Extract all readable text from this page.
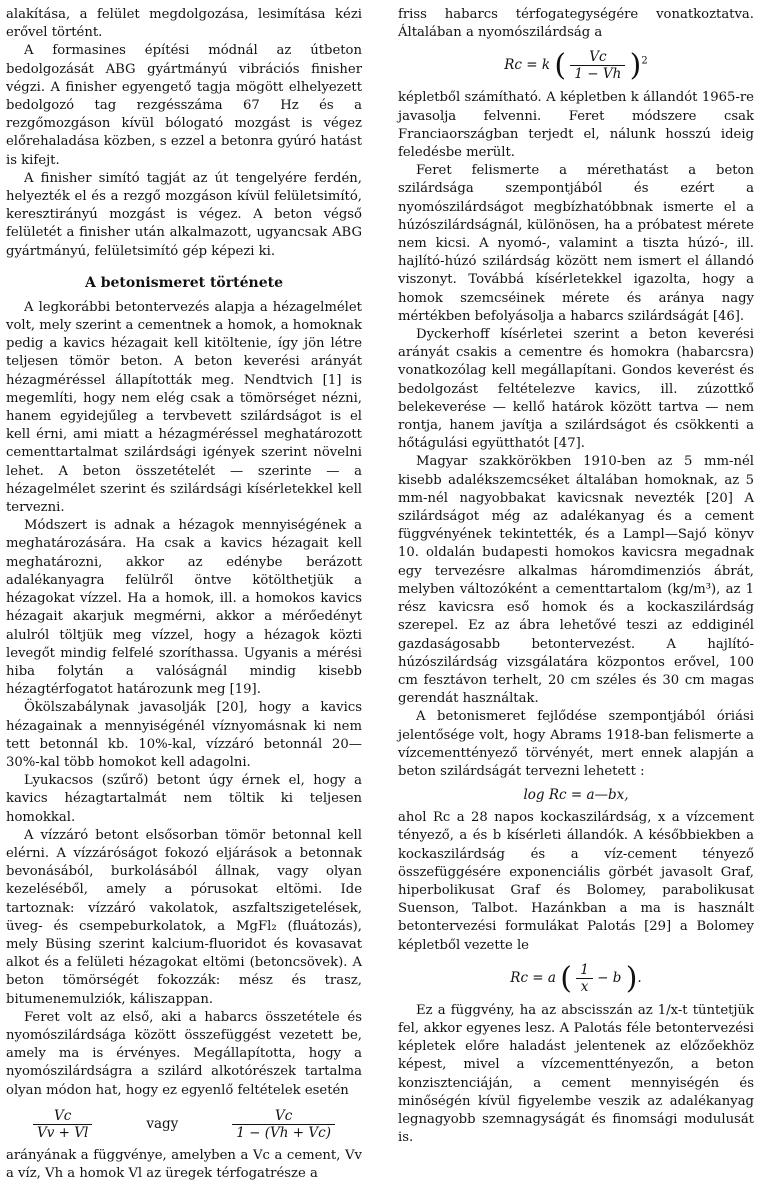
alakítása, a felület megdolgozása, lesimítása kézi erővel történt.

A formasines építési módnál az útbeton bedolgozását ABG gyártmányú vibrációs finisher végzi. A finisher egyengető tagja mögött elhelyezett bedolgozó tag rezgésszáma 67 Hz és a rezgőmozgáson kívül bólogató mozgást is végez előrehaladása közben, s ezzel a betonra gyúró hatást is kifejt.

A finisher simító tagját az út tengelyére ferdén, helyezték el és a rezgő mozgáson kívül felületsimító, keresztirányú mozgást is végez. A beton végső felületét a finisher után alkalmazott, ugyancsak ABG gyártmányú, felületsimító gép képezi ki.

A betonismeret története

A legkorábbi betontervezés alapja a hézagelmélet volt, mely szerint a cementnek a homok, a homoknak pedig a kavics hézagait kell kitöltenie, így jön létre teljesen tömör beton. A beton keverési arányát hézagméréssel állapították meg. Nendtvich [1] is megemlíti, hogy nem elég csak a tömörséget nézni, hanem egyidejűleg a tervbevett szilárdságot is el kell érni, ami miatt a hézagméréssel meghatározott cementtartalmat szilárdsági igények szerint növelni lehet. A beton összetételét — szerinte — a hézagelmélet szerint és szilárdsági kísérletekkel kell tervezni.

Módszert is adnak a hézagok mennyiségének a meghatározására. Ha csak a kavics hézagait kell meghatározni, akkor az edénybe berázott adalékanyagra felülről öntve kötölthetjük a hézagokat vízzel. Ha a homok, ill. a homokos kavics hézagait akarjuk megmérni, akkor a mérőedényt alulról töltjük meg vízzel, hogy a hézagok közti levegőt mindig felfelé szoríthassa. Ugyanis a mérési hiba folytán a valóságnál mindig kisebb hézagtérfogatot határozunk meg [19].

Ökölszabálynak javasolják [20], hogy a kavics hézagainak a mennyiségénél víznyomásnak ki nem tett betonnál kb. 10%-kal, vízzáró betonnál 20—30%-kal több homokot kell adagolni.

Lyukacsos (szűrő) betont úgy érnek el, hogy a kavics hézagtartalmát nem töltik ki teljesen homokkal.

A vízzáró betont elsősorban tömör betonnal kell elérni. A vízzáróságot fokozó eljárások a betonnak bevonásából, burkolásából állnak, vagy olyan kezeléséből, amely a pórusokat eltömi. Ide tartoznak: vízzáró vakolatok, aszfaltszigetelések, üveg- és csempeburkolatok, a MgFl₂ (fluátozás), mely Büsing szerint kalcium-fluoridot és kovasavat alkot és a felületi hézagokat eltömi (betoncsövek). A beton tömörségét fokozzák: mész és trasz, bitumenemulziók, káliszappan.

Feret volt az első, aki a habarcs összetétele és nyomószilárdsága között összefüggést vezetett be, amely ma is érvényes. Megállapította, hogy a nyomószilárdságra a szilárd alkotórészek tartalma olyan módon hat, hogy ez egyenlő feltételek esetén

$\frac{Vc}{Vv + Vl}$	vagy	$\frac{Vc}{1 - (Vh + Vc)}$

arányának a függvénye, amelyben a Vc a cement, Vv a víz, Vh a homok Vl az üregek térfogatrésze a

friss habarcs térfogategységére vonatkoztatva. Általában a nyomószilárdság a

Rc = k ( $\frac{Vc}{1 - Vh} )^2$

képletből számítható. A képletben k állandót 1965-re javasolja felvenni. Feret módszere csak Franciaországban terjedt el, nálunk hosszú ideig feledésbe merült.

Feret felismerte a mérethatást a beton szilárdsága szempontjából és ezért a nyomószilárdságot megbízhatóbbnak ismerte el a húzószilárdságnál, különösen, ha a próbatest mérete nem kicsi. A nyomó-, valamint a tiszta húzó-, ill. hajlító-húzó szilárdság között nem ismert el állandó viszonyt. Továbbá kísérletekkel igazolta, hogy a homok szemcséinek mérete és aránya nagy mértékben befolyásolja a habarcs szilárdságát [46].

Dyckerhoff kísérletei szerint a beton keverési arányát csakis a cementre és homokra (habarcsra) vonatkozólag kell megállapítani. Gondos keverést és bedolgozást feltételezve kavics, ill. zúzottkő belekeverése — kellő határok között tartva — nem rontja, hanem javítja a szilárdságot és csökkenti a hőtágulási együtthatót [47].

Magyar szakkörökben 1910-ben az 5 mm-nél kisebb adalékszemcséket általában homoknak, az 5 mm-nél nagyobbakat kavicsnak nevezték [20] A szilárdságot még az adalékanyag és a cement függvényének tekintették, és a Lampl—Sajó könyv 10. oldalán budapesti homokos kavicsra megadnak egy tervezésre alkalmas háromdimenziós ábrát, melyben változóként a cementtartalom (kg/m³), az 1 rész kavicsra eső homok és a kockaszilárdság szerepel. Ez az ábra lehetővé teszi az eddiginél gazdaságosabb betontervezést. A hajlító-húzószilárdság vizsgálatára központos erővel, 100 cm fesztávon terhelt, 20 cm széles és 30 cm magas gerendát használtak.

A betonismeret fejlődése szempontjából óriási jelentősége volt, hogy Abrams 1918-ban felismerte a vízcementtényező törvényét, mert ennek alapján a beton szilárdságát tervezni lehetett :

log Rc = a—bx,

ahol Rc a 28 napos kockaszilárdság, x a vízcement tényező, a és b kísérleti állandók. A későbbiekben a kockaszilárdság és a víz-cement tényező összefüggésére exponenciális görbét javasolt Graf, hiperbolikusat Graf és Bolomey, parabolikusat Suenson, Talbot. Hazánkban a ma is használt betontervezési formulákat Palotás [29] a Bolomey képletből vezette le

Rc = a ( $\frac{1}{x} - b$ ).

Ez a függvény, ha az abscisszán az 1/x-t tüntetjük fel, akkor egyenes lesz. A Palotás féle betontervezési képletek előre haladást jelentenek az előzőekhöz képest, mivel a vízcementtényezőn, a beton konzisztenciáján, a cement mennyiségén és minőségén kívül figyelembe veszik az adalékanyag legnagyobb szemnagyságát és finomsági modulusát is.
